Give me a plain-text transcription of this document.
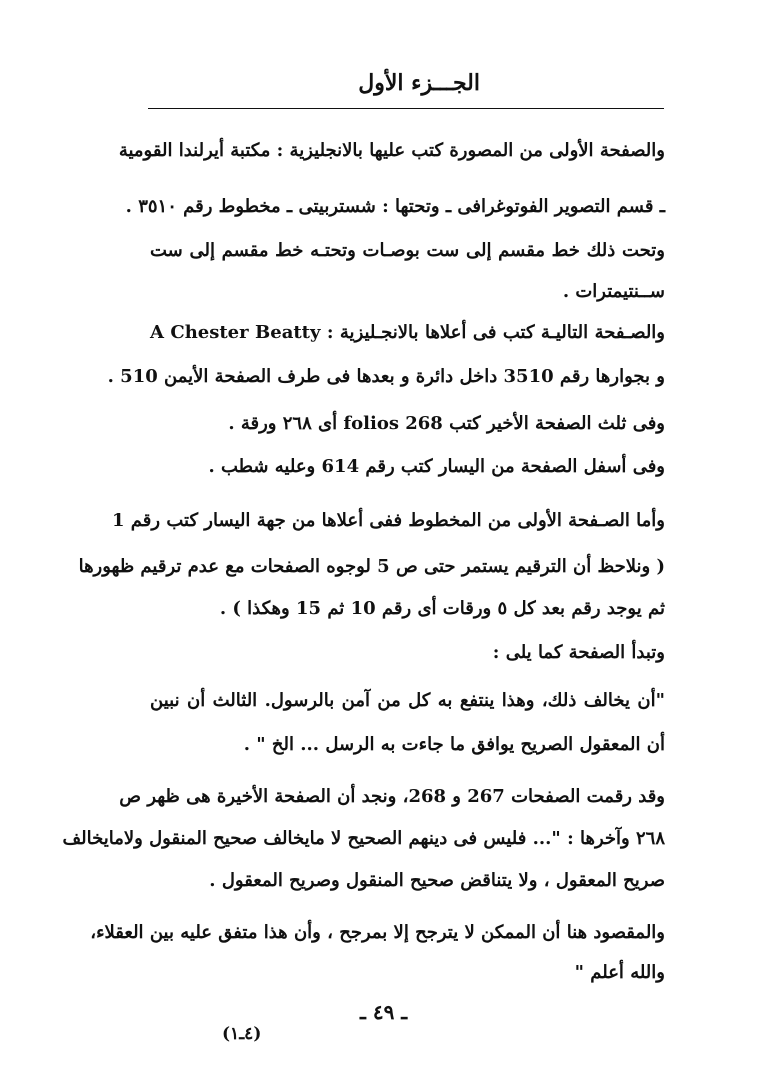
الجـــزء الأول
والصفحة الأولى من المصورة كتب عليها بالانجليزية : مكتبة أيرلندا القومية
ـ قسم التصوير الفوتوغرافى ـ وتحتها : شستربيتى ـ مخطوط رقم ٣٥١٠ .
وتحت ذلك خط مقسم إلى ست بوصـات وتحتـه خط مقسم إلى ست
ســنتيمترات .
والصـفحة التاليـة كتب فى أعلاها بالانجـليزية : A Chester Beatty
و بجوارها رقم 3510 داخل دائرة و بعدها فى طرف الصفحة الأيمن 510 .
وفى ثلث الصفحة الأخير كتب folios 268 أى ٢٦٨ ورقة .
وفى أسفل الصفحة من اليسار كتب رقم 614 وعليه شطب .
وأما الصـفحة الأولى من المخطوط ففى أعلاها من جهة اليسار كتب رقم 1
( ونلاحظ أن الترقيم يستمر حتى ص 5 لوجوه الصفحات مع عدم ترقيم ظهورها
ثم يوجد رقم بعد كل ٥ ورقات أى رقم 10 ثم 15 وهكذا ) .
وتبدأ الصفحة كما يلى :
"أن يخالف ذلك، وهذا ينتفع به كل من آمن بالرسول. الثالث أن نبين
أن المعقول الصريح يوافق ما جاءت به الرسل ... الخ " .
وقد رقمت الصفحات 267 و 268، ونجد أن الصفحة الأخيرة هى ظهر ص
٢٦٨ وآخرها : "... فليس فى دينهم الصحيح لا مايخالف صحيح المنقول ولامايخالف
صريح المعقول ، ولا يتناقض صحيح المنقول وصريح المعقول .
والمقصود هنا أن الممكن لا يترجح إلا بمرجح ، وأن هذا متفق عليه بين العقلاء،
والله أعلم "
ـ ٤٩ ـ
(٤ـ١)
